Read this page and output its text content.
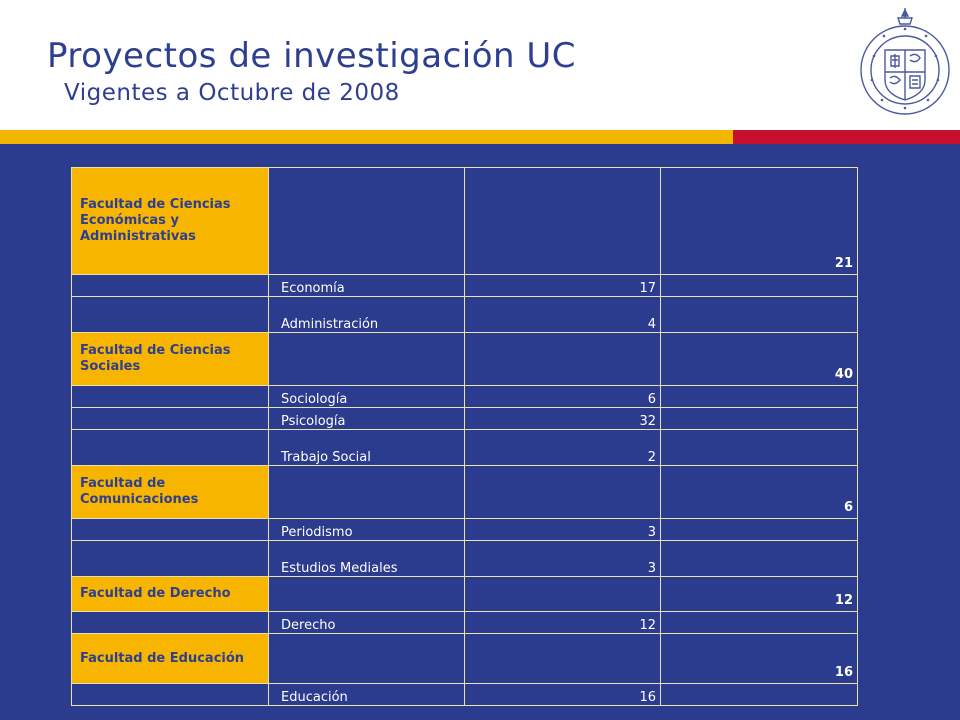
Proyectos de investigación UC
Vigentes a Octubre de 2008
Facultad de Ciencias Económicas y Administrativas			21
	Economía	17	
	Administración	4	
Facultad de Ciencias Sociales			40
	Sociología	6	
	Psicología	32	
	Trabajo Social	2	
Facultad de Comunicaciones			6
	Periodismo	3	
	Estudios Mediales	3	
Facultad de Derecho			12
	Derecho	12	
Facultad de Educación			16
	Educación	16	
